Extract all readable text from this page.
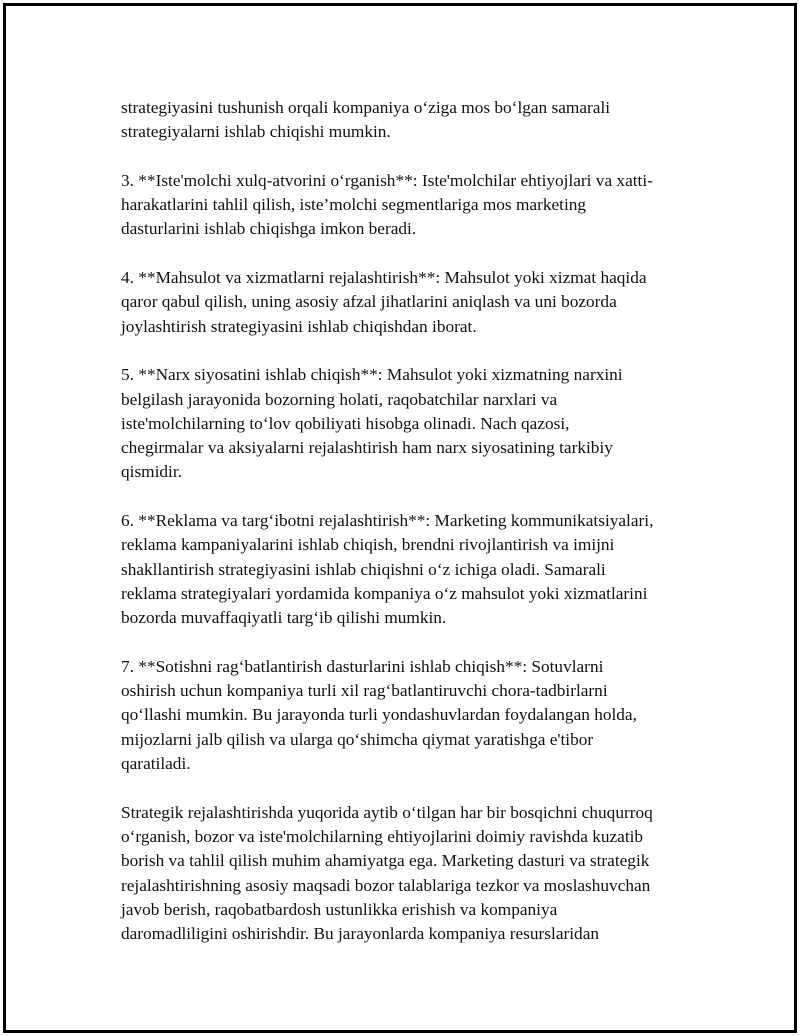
strategiyasini tushunish orqali kompaniya o‘ziga mos bo‘lgan samarali
strategiyalarni ishlab chiqishi mumkin.

3. **Iste'molchi xulq-atvorini o‘rganish**: Iste'molchilar ehtiyojlari va xatti-
harakatlarini tahlil qilish, iste’molchi segmentlariga mos marketing
dasturlarini ishlab chiqishga imkon beradi.

4. **Mahsulot va xizmatlarni rejalashtirish**: Mahsulot yoki xizmat haqida
qaror qabul qilish, uning asosiy afzal jihatlarini aniqlash va uni bozorda
joylashtirish strategiyasini ishlab chiqishdan iborat.

5. **Narx siyosatini ishlab chiqish**: Mahsulot yoki xizmatning narxini
belgilash jarayonida bozorning holati, raqobatchilar narxlari va
iste'molchilarning to‘lov qobiliyati hisobga olinadi. Nach qazosi,
chegirmalar va aksiyalarni rejalashtirish ham narx siyosatining tarkibiy
qismidir.

6. **Reklama va targ‘ibotni rejalashtirish**: Marketing kommunikatsiyalari,
reklama kampaniyalarini ishlab chiqish, brendni rivojlantirish va imijni
shakllantirish strategiyasini ishlab chiqishni o‘z ichiga oladi. Samarali
reklama strategiyalari yordamida kompaniya o‘z mahsulot yoki xizmatlarini
bozorda muvaffaqiyatli targ‘ib qilishi mumkin.

7. **Sotishni rag‘batlantirish dasturlarini ishlab chiqish**: Sotuvlarni
oshirish uchun kompaniya turli xil rag‘batlantiruvchi chora-tadbirlarni
qo‘llashi mumkin. Bu jarayonda turli yondashuvlardan foydalangan holda,
mijozlarni jalb qilish va ularga qo‘shimcha qiymat yaratishga e'tibor
qaratiladi.

Strategik rejalashtirishda yuqorida aytib o‘tilgan har bir bosqichni chuqurroq
o‘rganish, bozor va iste'molchilarning ehtiyojlarini doimiy ravishda kuzatib
borish va tahlil qilish muhim ahamiyatga ega. Marketing dasturi va strategik
rejalashtirishning asosiy maqsadi bozor talablariga tezkor va moslashuvchan
javob berish, raqobatbardosh ustunlikka erishish va kompaniya
daromadliligini oshirishdir. Bu jarayonlarda kompaniya resurslaridan
